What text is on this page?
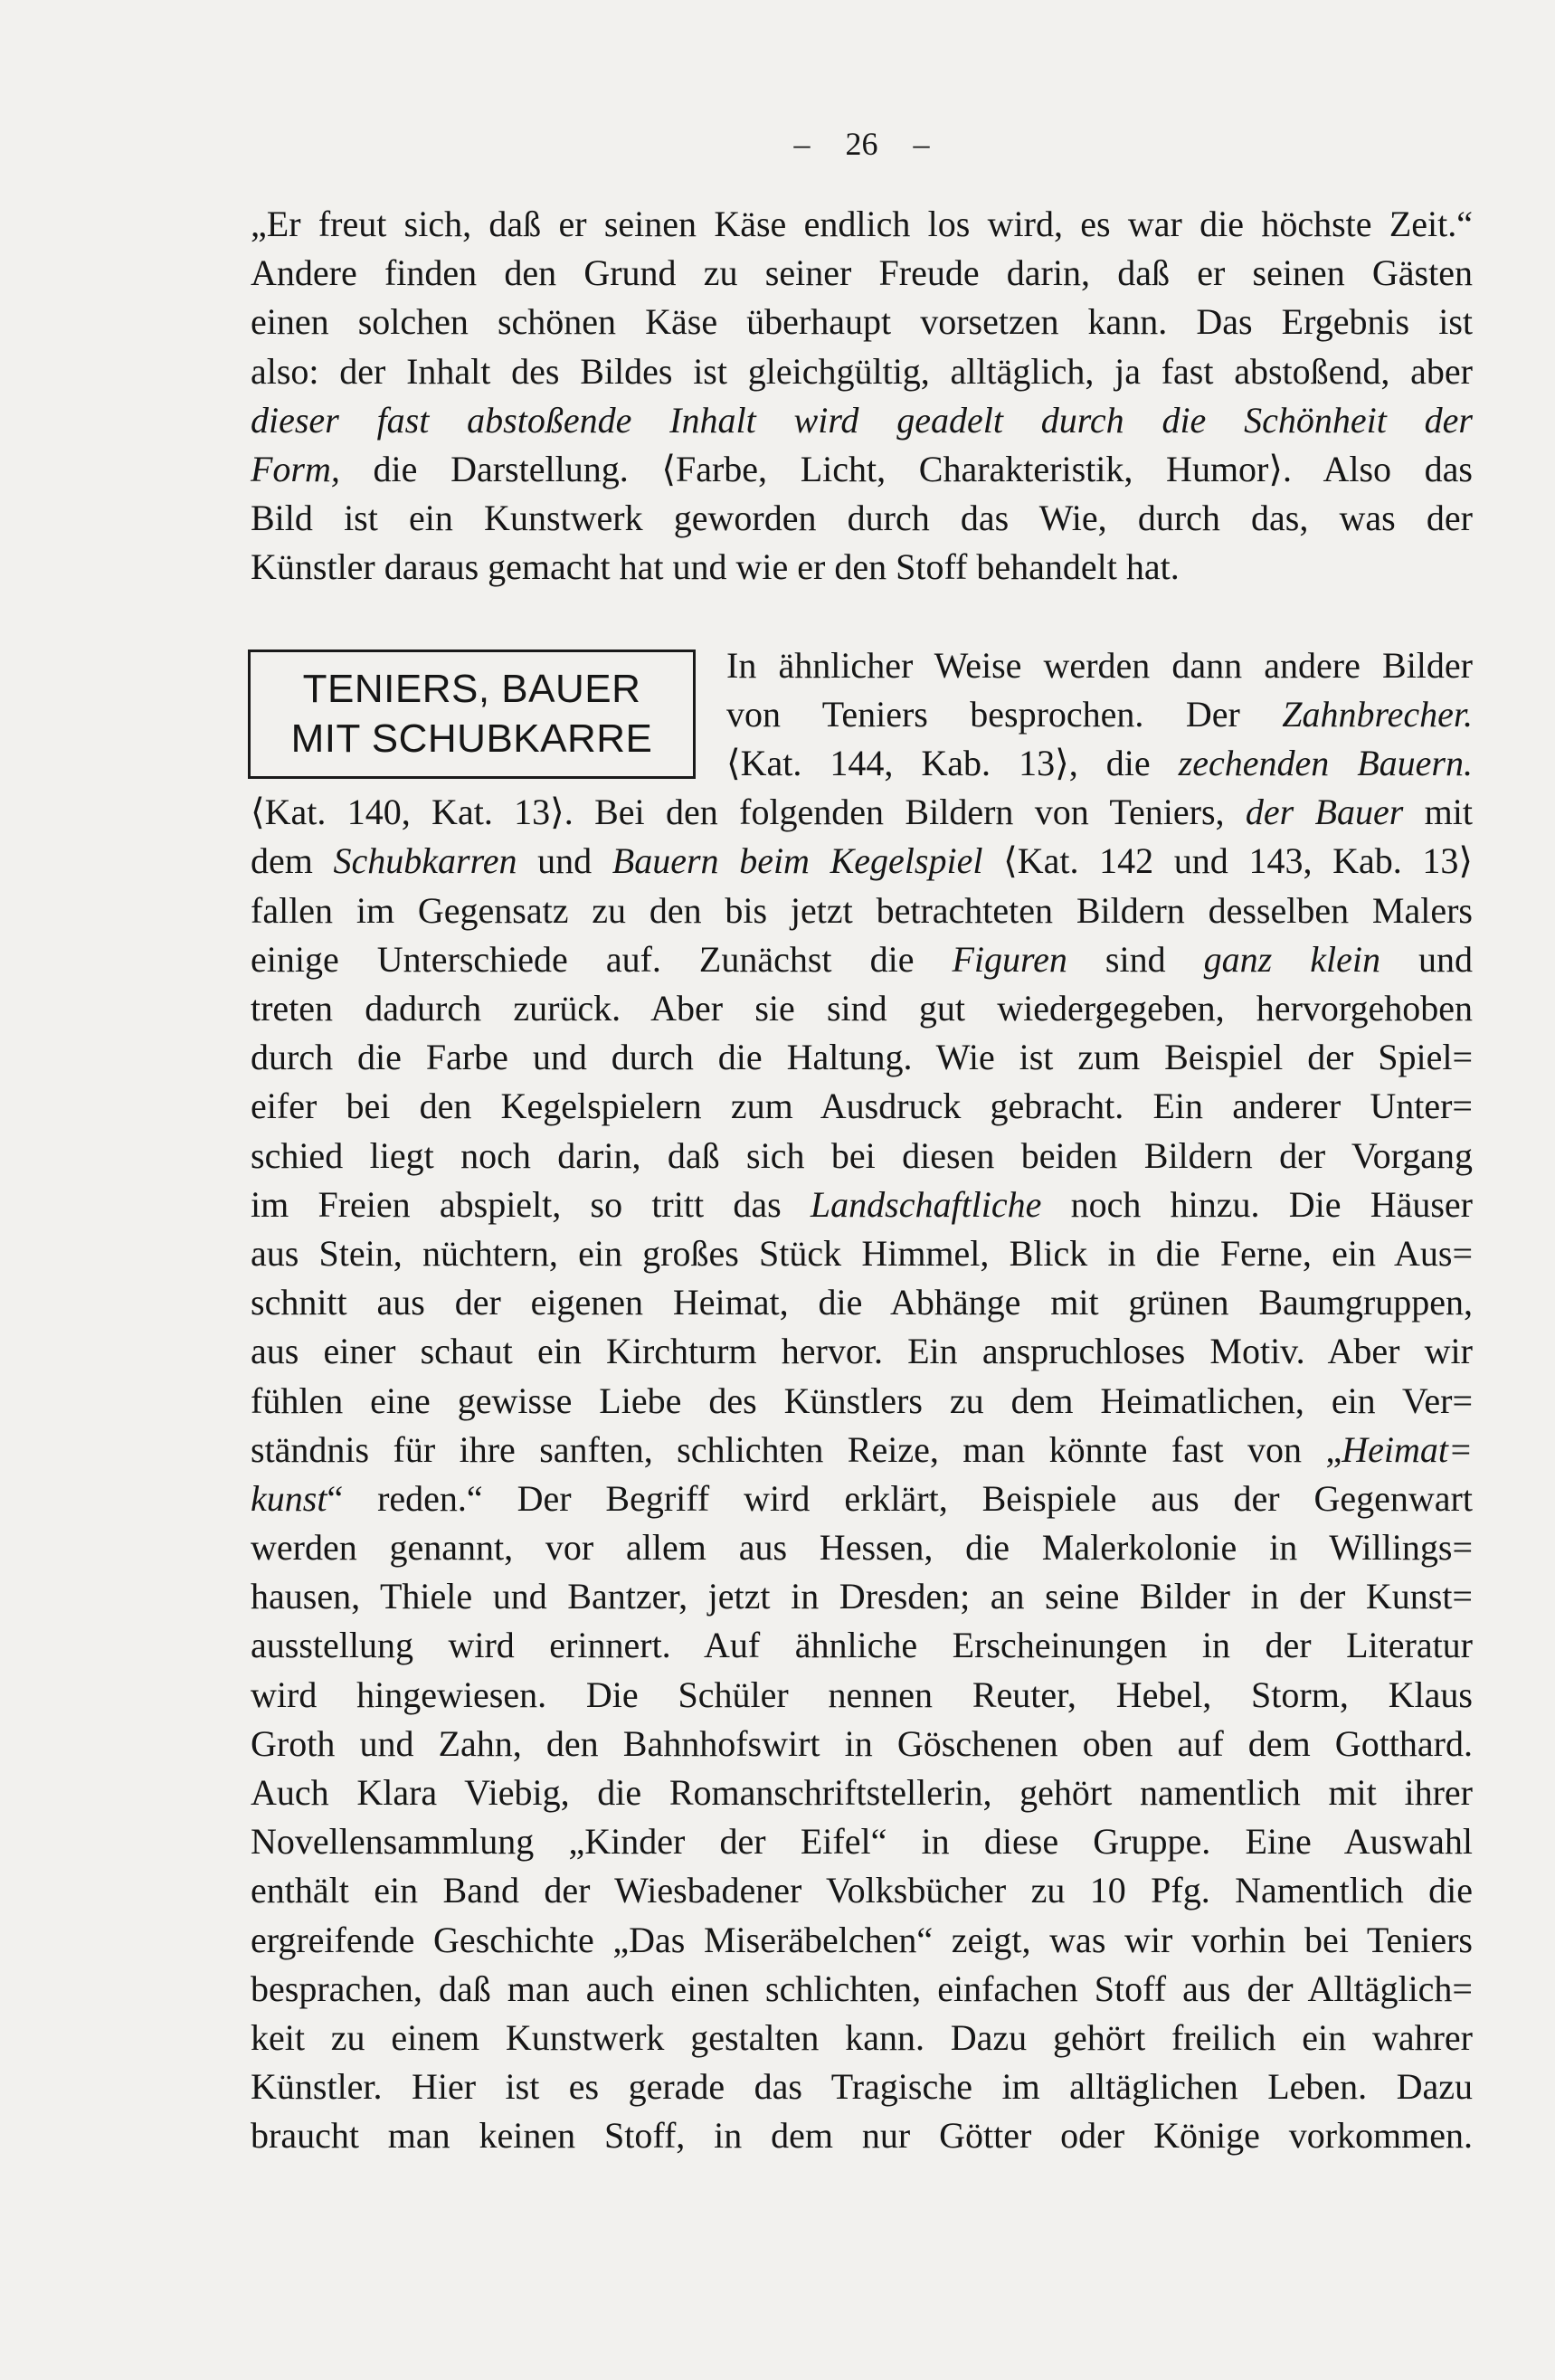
– 26 –
„Er freut sich, daß er seinen Käse endlich los wird, es war die höchste Zeit.“
Andere finden den Grund zu seiner Freude darin, daß er seinen Gästen
einen solchen schönen Käse überhaupt vorsetzen kann. Das Ergebnis ist
also: der Inhalt des Bildes ist gleichgültig, alltäglich, ja fast abstoßend, aber
dieser fast abstoßende Inhalt wird geadelt durch die Schönheit der
Form, die Darstellung. ⟨Farbe, Licht, Charakteristik, Humor⟩. Also das
Bild ist ein Kunstwerk geworden durch das Wie, durch das, was der
Künstler daraus gemacht hat und wie er den Stoff behandelt hat.
TENIERS, BAUER
MIT SCHUBKARRE
In ähnlicher Weise werden dann andere Bilder
von Teniers besprochen. Der Zahnbrecher.
⟨Kat. 144, Kab. 13⟩, die zechenden Bauern.
⟨Kat. 140, Kat. 13⟩. Bei den folgenden Bildern von Teniers, der Bauer mit
dem Schubkarren und Bauern beim Kegelspiel ⟨Kat. 142 und 143, Kab. 13⟩
fallen im Gegensatz zu den bis jetzt betrachteten Bildern desselben Malers
einige Unterschiede auf. Zunächst die Figuren sind ganz klein und
treten dadurch zurück. Aber sie sind gut wiedergegeben, hervorgehoben
durch die Farbe und durch die Haltung. Wie ist zum Beispiel der Spiel=
eifer bei den Kegelspielern zum Ausdruck gebracht. Ein anderer Unter=
schied liegt noch darin, daß sich bei diesen beiden Bildern der Vorgang
im Freien abspielt, so tritt das Landschaftliche noch hinzu. Die Häuser
aus Stein, nüchtern, ein großes Stück Himmel, Blick in die Ferne, ein Aus=
schnitt aus der eigenen Heimat, die Abhänge mit grünen Baumgruppen,
aus einer schaut ein Kirchturm hervor. Ein anspruchloses Motiv. Aber wir
fühlen eine gewisse Liebe des Künstlers zu dem Heimatlichen, ein Ver=
ständnis für ihre sanften, schlichten Reize, man könnte fast von „Heimat=
kunst“ reden.“ Der Begriff wird erklärt, Beispiele aus der Gegenwart
werden genannt, vor allem aus Hessen, die Malerkolonie in Willings=
hausen, Thiele und Bantzer, jetzt in Dresden; an seine Bilder in der Kunst=
ausstellung wird erinnert. Auf ähnliche Erscheinungen in der Literatur
wird hingewiesen. Die Schüler nennen Reuter, Hebel, Storm, Klaus
Groth und Zahn, den Bahnhofswirt in Göschenen oben auf dem Gotthard.
Auch Klara Viebig, die Romanschriftstellerin, gehört namentlich mit ihrer
Novellensammlung „Kinder der Eifel“ in diese Gruppe. Eine Auswahl
enthält ein Band der Wiesbadener Volksbücher zu 10 Pfg. Namentlich die
ergreifende Geschichte „Das Miseräbelchen“ zeigt, was wir vorhin bei Teniers
besprachen, daß man auch einen schlichten, einfachen Stoff aus der Alltäglich=
keit zu einem Kunstwerk gestalten kann. Dazu gehört freilich ein wahrer
Künstler. Hier ist es gerade das Tragische im alltäglichen Leben. Dazu
braucht man keinen Stoff, in dem nur Götter oder Könige vorkommen.
